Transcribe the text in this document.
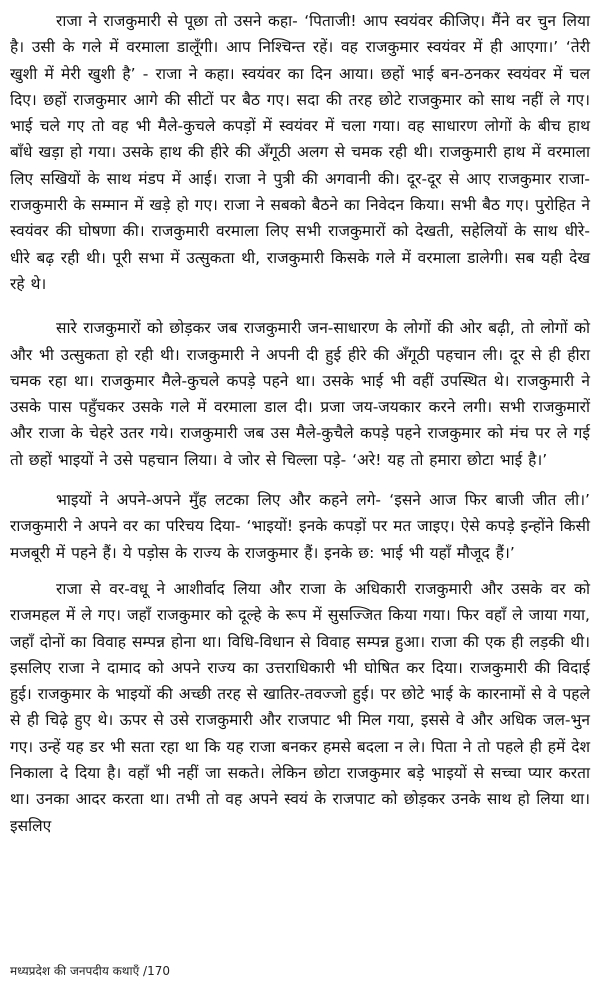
राजा ने राजकुमारी से पूछा तो उसने कहा- ‘पिताजी! आप स्वयंवर कीजिए। मैंने वर चुन लिया है। उसी के गले में वरमाला डालूँगी। आप निश्चिन्त रहें। वह राजकुमार स्वयंवर में ही आएगा।’ ‘तेरी खुशी में मेरी खुशी है’ - राजा ने कहा। स्वयंवर का दिन आया। छहों भाई बन-ठनकर स्वयंवर में चल दिए। छहों राजकुमार आगे की सीटों पर बैठ गए। सदा की तरह छोटे राजकुमार को साथ नहीं ले गए। भाई चले गए तो वह भी मैले-कुचले कपड़ों में स्वयंवर में चला गया। वह साधारण लोगों के बीच हाथ बाँधे खड़ा हो गया। उसके हाथ की हीरे की अँगूठी अलग से चमक रही थी। राजकुमारी हाथ में वरमाला लिए सखियों के साथ मंडप में आई। राजा ने पुत्री की अगवानी की। दूर-दूर से आए राजकुमार राजा-राजकुमारी के सम्मान में खड़े हो गए। राजा ने सबको बैठने का निवेदन किया। सभी बैठ गए। पुरोहित ने स्वयंवर की घोषणा की। राजकुमारी वरमाला लिए सभी राजकुमारों को देखती, सहेलियों के साथ धीरे-धीरे बढ़ रही थी। पूरी सभा में उत्सुकता थी, राजकुमारी किसके गले में वरमाला डालेगी। सब यही देख रहे थे।

सारे राजकुमारों को छोड़कर जब राजकुमारी जन-साधारण के लोगों की ओर बढ़ी, तो लोगों को और भी उत्सुकता हो रही थी। राजकुमारी ने अपनी दी हुई हीरे की अँगूठी पहचान ली। दूर से ही हीरा चमक रहा था। राजकुमार मैले-कुचले कपड़े पहने था। उसके भाई भी वहीं उपस्थित थे। राजकुमारी ने उसके पास पहुँचकर उसके गले में वरमाला डाल दी। प्रजा जय-जयकार करने लगी। सभी राजकुमारों और राजा के चेहरे उतर गये। राजकुमारी जब उस मैले-कुचैले कपड़े पहने राजकुमार को मंच पर ले गई तो छहों भाइयों ने उसे पहचान लिया। वे जोर से चिल्ला पड़े- ‘अरे! यह तो हमारा छोटा भाई है।’

भाइयों ने अपने-अपने मुँह लटका लिए और कहने लगे- ‘इसने आज फिर बाजी जीत ली।’ राजकुमारी ने अपने वर का परिचय दिया- ‘भाइयों! इनके कपड़ों पर मत जाइए। ऐसे कपड़े इन्होंने किसी मजबूरी में पहने हैं। ये पड़ोस के राज्य के राजकुमार हैं। इनके छ: भाई भी यहाँ मौजूद हैं।’

राजा से वर-वधू ने आशीर्वाद लिया और राजा के अधिकारी राजकुमारी और उसके वर को राजमहल में ले गए। जहाँ राजकुमार को दूल्हे के रूप में सुसज्जित किया गया। फिर वहाँ ले जाया गया, जहाँ दोनों का विवाह सम्पन्न होना था। विधि-विधान से विवाह सम्पन्न हुआ। राजा की एक ही लड़की थी। इसलिए राजा ने दामाद को अपने राज्य का उत्तराधिकारी भी घोषित कर दिया। राजकुमारी की विदाई हुई। राजकुमार के भाइयों की अच्छी तरह से खातिर-तवज्जो हुई। पर छोटे भाई के कारनामों से वे पहले से ही चिढ़े हुए थे। ऊपर से उसे राजकुमारी और राजपाट भी मिल गया, इससे वे और अधिक जल-भुन गए। उन्हें यह डर भी सता रहा था कि यह राजा बनकर हमसे बदला न ले। पिता ने तो पहले ही हमें देश निकाला दे दिया है। वहाँ भी नहीं जा सकते। लेकिन छोटा राजकुमार बड़े भाइयों से सच्चा प्यार करता था। उनका आदर करता था। तभी तो वह अपने स्वयं के राजपाट को छोड़कर उनके साथ हो लिया था। इसलिए

मध्यप्रदेश की जनपदीय कथाएँ /170
